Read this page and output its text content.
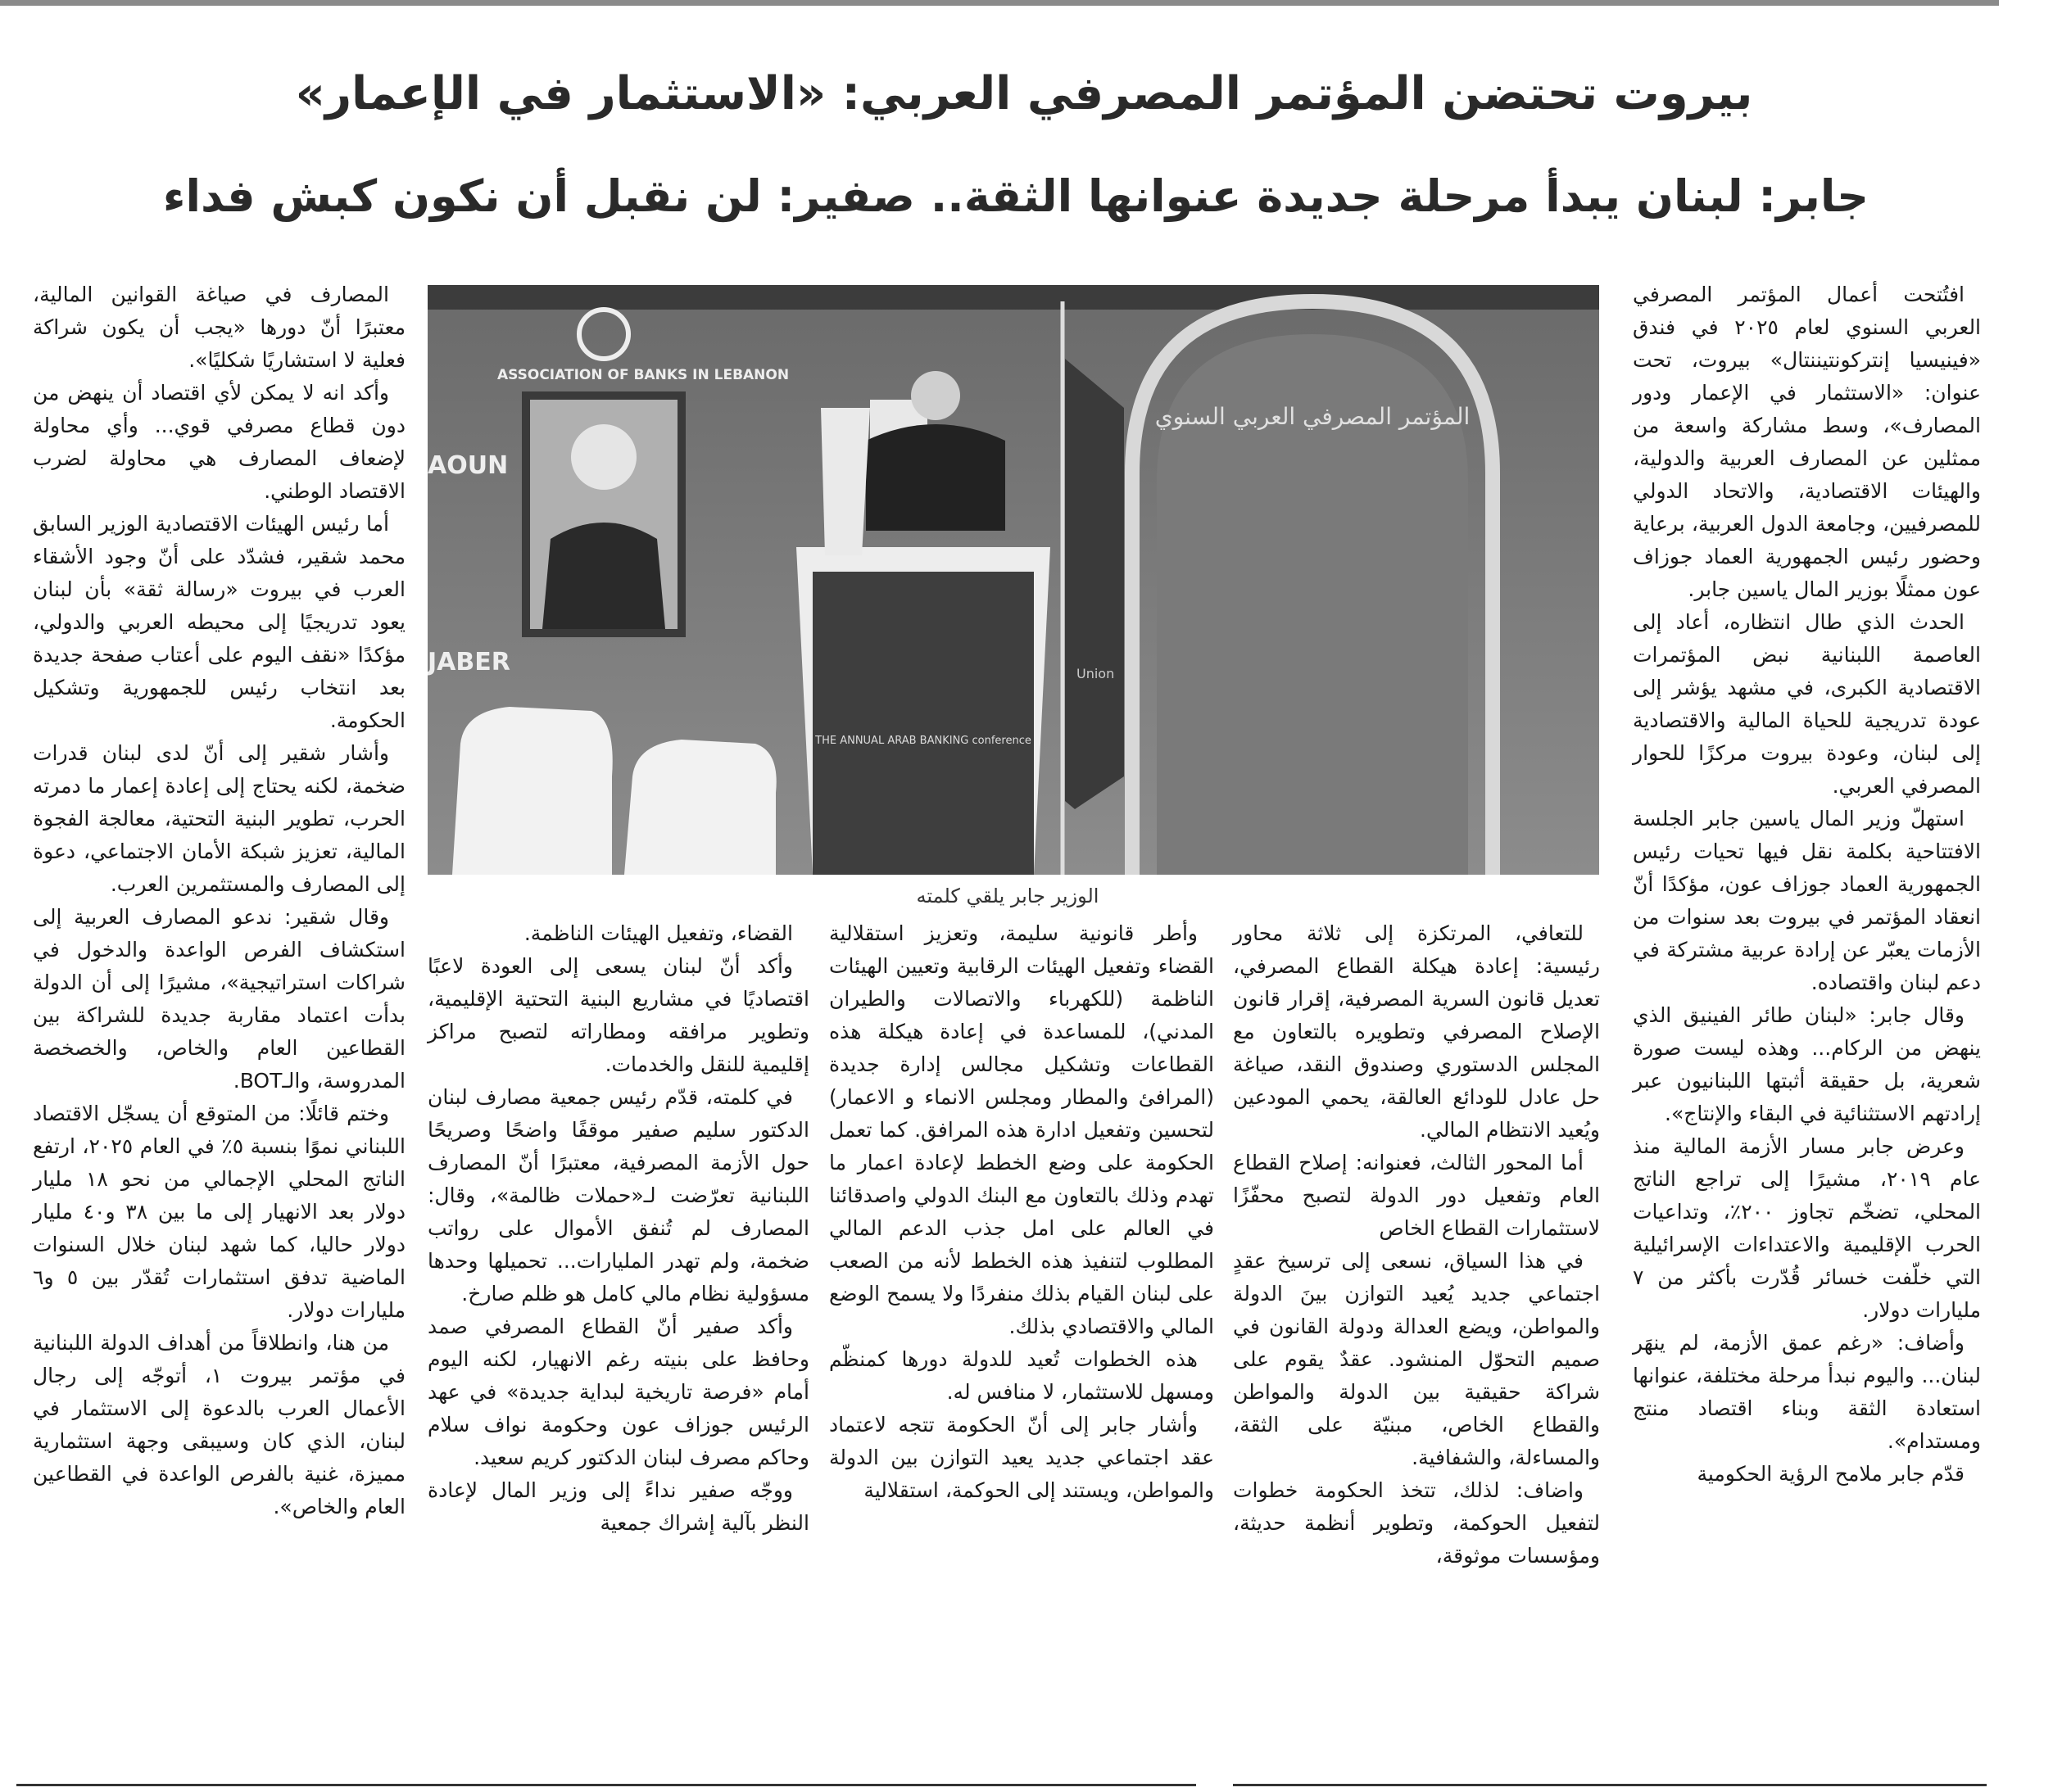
بيروت تحتضن المؤتمر المصرفي العربي: «الاستثمار في الإعمار»
جابر: لبنان يبدأ مرحلة جديدة عنوانها الثقة.. صفير: لن نقبل أن نكون كبش فداء

افتُتحت أعمال المؤتمر المصرفي العربي السنوي لعام ٢٠٢٥ في فندق «فينيسيا إنتركونتيننتال» بيروت، تحت عنوان: «الاستثمار في الإعمار ودور المصارف»، وسط مشاركة واسعة من ممثلين عن المصارف العربية والدولية، والهيئات الاقتصادية، والاتحاد الدولي للمصرفيين، وجامعة الدول العربية، برعاية وحضور رئيس الجمهورية العماد جوزاف عون ممثلًا بوزير المال ياسين جابر.

الحدث الذي طال انتظاره، أعاد إلى العاصمة اللبنانية نبض المؤتمرات الاقتصادية الكبرى، في مشهد يؤشر إلى عودة تدريجية للحياة المالية والاقتصادية إلى لبنان، وعودة بيروت مركزًا للحوار المصرفي العربي.

استهلّ وزير المال ياسين جابر الجلسة الافتتاحية بكلمة نقل فيها تحيات رئيس الجمهورية العماد جوزاف عون، مؤكدًا أنّ انعقاد المؤتمر في بيروت بعد سنوات من الأزمات يعبّر عن إرادة عربية مشتركة في دعم لبنان واقتصاده.

وقال جابر: «لبنان طائر الفينيق الذي ينهض من الركام... وهذه ليست صورة شعرية، بل حقيقة أثبتها اللبنانيون عبر إرادتهم الاستثنائية في البقاء والإنتاج».

وعرض جابر مسار الأزمة المالية منذ عام ٢٠١٩، مشيرًا إلى تراجع الناتج المحلي، تضخّم تجاوز ٢٠٠٪، وتداعيات الحرب الإقليمية والاعتداءات الإسرائيلية التي خلّفت خسائر قُدّرت بأكثر من ٧ مليارات دولار.

وأضاف: «رغم عمق الأزمة، لم ينهَر لبنان... واليوم نبدأ مرحلة مختلفة، عنوانها استعادة الثقة وبناء اقتصاد منتج ومستدام».

قدّم جابر ملامح الرؤية الحكومية

ASSOCIATION OF BANKS IN LEBANON
AOUN
JABER
المؤتمر المصرفي العربي السنوي
THE ANNUAL ARAB BANKING conference
Union
الوزير جابر يلقي كلمته

للتعافي، المرتكزة إلى ثلاثة محاور رئيسية: إعادة هيكلة القطاع المصرفي، تعديل قانون السرية المصرفية، إقرار قانون الإصلاح المصرفي وتطويره بالتعاون مع المجلس الدستوري وصندوق النقد، صياغة حل عادل للودائع العالقة، يحمي المودعين ويُعيد الانتظام المالي.

أما المحور الثالث، فعنوانه: إصلاح القطاع العام وتفعيل دور الدولة لتصبح محفّزًا لاستثمارات القطاع الخاص

في هذا السياق، نسعى إلى ترسيخ عقدٍ اجتماعي جديد يُعيد التوازن بينَ الدولة والمواطن، ويضع العدالة ودولة القانون في صميم التحوّل المنشود. عقدٌ يقوم على شراكة حقيقية بين الدولة والمواطن والقطاع الخاص، مبنيّة على الثقة، والمساءلة، والشفافية.

واضاف: لذلك، تتخذ الحكومة خطوات لتفعيل الحوكمة، وتطوير أنظمة حديثة، ومؤسسات موثوقة،

وأطر قانونية سليمة، وتعزيز استقلالية القضاء وتفعيل الهيئات الرقابية وتعيين الهيئات الناظمة (للكهرباء والاتصالات والطيران المدني)، للمساعدة في إعادة هيكلة هذه القطاعات وتشكيل مجالس إدارة جديدة (المرافئ والمطار ومجلس الانماء و الاعمار) لتحسين وتفعيل ادارة هذه المرافق. كما تعمل الحكومة على وضع الخطط لإعادة اعمار ما تهدم وذلك بالتعاون مع البنك الدولي واصدقائنا في العالم على امل جذب الدعم المالي المطلوب لتنفيذ هذه الخطط لأنه من الصعب على لبنان القيام بذلك منفردًا ولا يسمح الوضع المالي والاقتصادي بذلك.

هذه الخطوات تُعيد للدولة دورها كمنظّم ومسهل للاستثمار، لا منافس له.

وأشار جابر إلى أنّ الحكومة تتجه لاعتماد عقد اجتماعي جديد يعيد التوازن بين الدولة والمواطن، ويستند إلى الحوكمة، استقلالية

القضاء، وتفعيل الهيئات الناظمة.

وأكد أنّ لبنان يسعى إلى العودة لاعبًا اقتصاديًا في مشاريع البنية التحتية الإقليمية، وتطوير مرافقه ومطاراته لتصبح مراكز إقليمية للنقل والخدمات.

في كلمته، قدّم رئيس جمعية مصارف لبنان الدكتور سليم صفير موقفًا واضحًا وصريحًا حول الأزمة المصرفية، معتبرًا أنّ المصارف اللبنانية تعرّضت لـ«حملات ظالمة»، وقال: المصارف لم تُنفق الأموال على رواتب ضخمة، ولم تهدر المليارات... تحميلها وحدها مسؤولية نظام مالي كامل هو ظلم صارخ.

وأكد صفير أنّ القطاع المصرفي صمد وحافظ على بنيته رغم الانهيار، لكنه اليوم أمام «فرصة تاريخية لبداية جديدة» في عهد الرئيس جوزاف عون وحكومة نواف سلام وحاكم مصرف لبنان الدكتور كريم سعيد.

ووجّه صفير نداءً إلى وزير المال لإعادة النظر بآلية إشراك جمعية

المصارف في صياغة القوانين المالية، معتبرًا أنّ دورها «يجب أن يكون شراكة فعلية لا استشاريًا شكليًا».

وأكد انه لا يمكن لأي اقتصاد أن ينهض من دون قطاع مصرفي قوي... وأي محاولة لإضعاف المصارف هي محاولة لضرب الاقتصاد الوطني.

أما رئيس الهيئات الاقتصادية الوزير السابق محمد شقير، فشدّد على أنّ وجود الأشقاء العرب في بيروت «رسالة ثقة» بأن لبنان يعود تدريجيًا إلى محيطه العربي والدولي، مؤكدًا «نقف اليوم على أعتاب صفحة جديدة بعد انتخاب رئيس للجمهورية وتشكيل الحكومة.

وأشار شقير إلى أنّ لدى لبنان قدرات ضخمة، لكنه يحتاج إلى إعادة إعمار ما دمرته الحرب، تطوير البنية التحتية، معالجة الفجوة المالية، تعزيز شبكة الأمان الاجتماعي، دعوة إلى المصارف والمستثمرين العرب.

وقال شقير: ندعو المصارف العربية إلى استكشاف الفرص الواعدة والدخول في شراكات استراتيجية»، مشيرًا إلى أن الدولة بدأت اعتماد مقاربة جديدة للشراكة بين القطاعين العام والخاص، والخصخصة المدروسة، والـBOT.

وختم قائلًا: من المتوقع أن يسجّل الاقتصاد اللبناني نموًا بنسبة ٥٪ في العام ٢٠٢٥، ارتفع الناتج المحلي الإجمالي من نحو ١٨ مليار دولار بعد الانهيار إلى ما بين ٣٨ و٤٠ مليار دولار حاليا، كما شهد لبنان خلال السنوات الماضية تدفق استثمارات تُقدّر بين ٥ و٦ مليارات دولار.

من هنا، وانطلاقاً من أهداف الدولة اللبنانية في مؤتمر بيروت ١، أتوجّه إلى رجال الأعمال العرب بالدعوة إلى الاستثمار في لبنان، الذي كان وسيبقى وجهة استثمارية مميزة، غنية بالفرص الواعدة في القطاعين العام والخاص».
